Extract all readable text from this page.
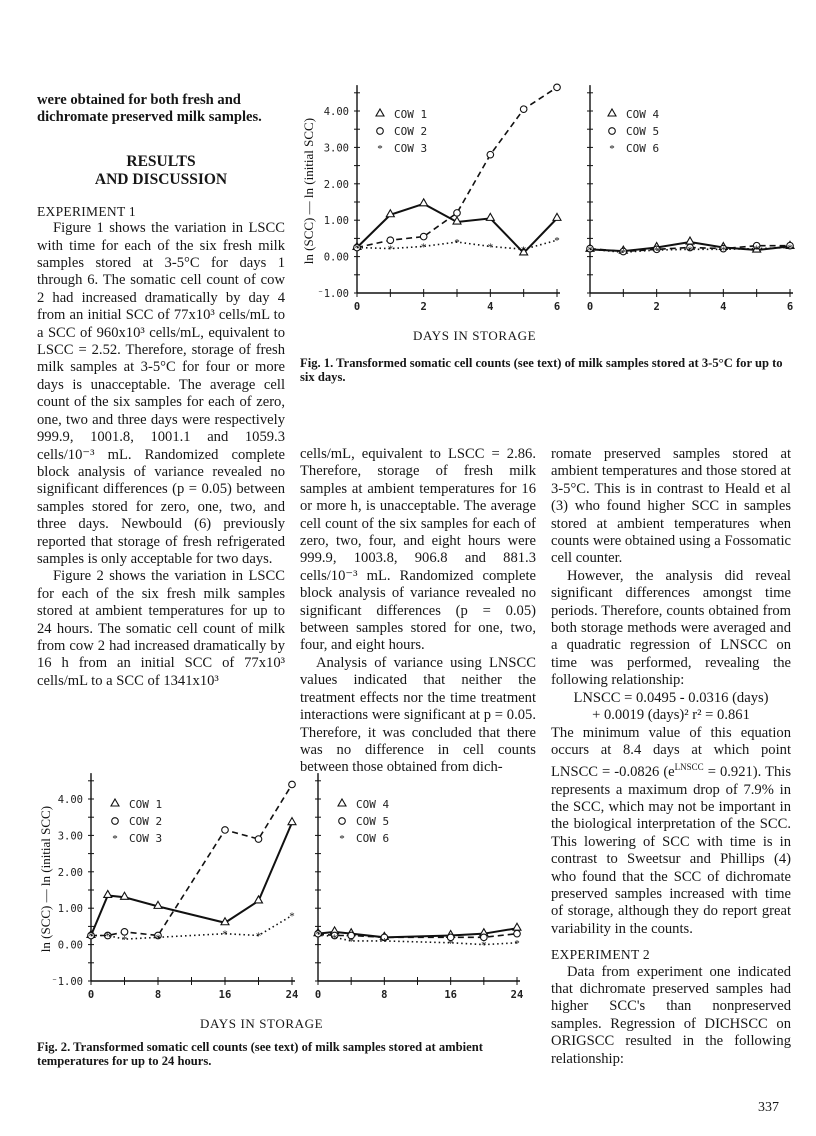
were obtained for both fresh and dichromate preserved milk samples.

RESULTS

AND DISCUSSION

EXPERIMENT 1

Figure 1 shows the variation in LSCC with time for each of the six fresh milk samples stored at 3-5°C for days 1 through 6. The somatic cell count of cow 2 had increased dramatically by day 4 from an initial SCC of 77x10³ cells/mL to a SCC of 960x10³ cells/mL, equivalent to LSCC = 2.52. Therefore, storage of fresh milk samples at 3-5°C for four or more days is unacceptable. The average cell count of the six samples for each of zero, one, two and three days were respectively 999.9, 1001.8, 1001.1 and 1059.3 cells/10⁻³ mL. Randomized complete block analysis of variance revealed no significant differences (p = 0.05) between samples stored for zero, one, two, and three days. Newbould (6) previously reported that storage of fresh refrigerated samples is only acceptable for two days.

Figure 2 shows the variation in LSCC for each of the six fresh milk samples stored at ambient temperatures for up to 24 hours. The somatic cell count of milk from cow 2 had increased dramatically by 16 h from an initial SCC of 77x10³ cells/mL to a SCC of 1341x10³

cells/mL, equivalent to LSCC = 2.86. Therefore, storage of fresh milk samples at ambient temperatures for 16 or more h, is unacceptable. The average cell count of the six samples for each of zero, two, four, and eight hours were 999.9, 1003.8, 906.8 and 881.3 cells/10⁻³ mL. Randomized complete block analysis of variance revealed no significant differences (p = 0.05) between samples stored for one, two, four, and eight hours.

Analysis of variance using LNSCC values indicated that neither the treatment effects nor the time treatment interactions were significant at p = 0.05. Therefore, it was concluded that there was no difference in cell counts between those obtained from dich-

romate preserved samples stored at ambient temperatures and those stored at 3-5°C. This is in contrast to Heald et al (3) who found higher SCC in samples stored at ambient temperatures when counts were obtained using a Fossomatic cell counter.

However, the analysis did reveal significant differences amongst time periods. Therefore, counts obtained from both storage methods were averaged and a quadratic regression of LNSCC on time was performed, revealing the following relationship:

LNSCC = 0.0495 - 0.0316 (days)

+ 0.0019 (days)² r² = 0.861

The minimum value of this equation occurs at 8.4 days at which point LNSCC = -0.0826 $(e^{LNSCC} = 0.921)$. This represents a maximum drop of 7.9% in the SCC, which may not be important in the biological interpretation of the SCC. This lowering of SCC with time is in contrast to Sweetsur and Phillips (4) who found that the SCC of dichromate preserved samples increased with time of storage, although they do report great variability in the counts.

EXPERIMENT 2

Data from experiment one indicated that dichromate preserved samples had higher SCC's than nonpreserved samples. Regression of DICHSCC on ORIGSCC resulted in the following relationship:

ln (SCC) — ln (initial SCC)
⁻1.00
0.00
1.00
2.00
3.00
4.00
0	2	4	6
COW 1
COW 2
*	*	*	*	*	*
*
* COW 3
0	2	4	6
COW 4
COW 5
*	*	*	*	*	*	*
* COW 6
ln (SCC) — ln (initial SCC)
⁻1.00
0.00
1.00
2.00
3.00
4.00
0	8	16	24
COW 1
COW 2
* * *	*	*	*
*
* COW 3
0	8	16	24
COW 4
COW 5
* * *	*	*	*	*
* COW 6
DAYS IN STORAGE
Fig. 1. Transformed somatic cell counts (see text) of milk samples stored at 3-5°C for up to six days.
DAYS IN STORAGE
Fig. 2. Transformed somatic cell counts (see text) of milk samples stored at ambient temperatures for up to 24 hours.
337
